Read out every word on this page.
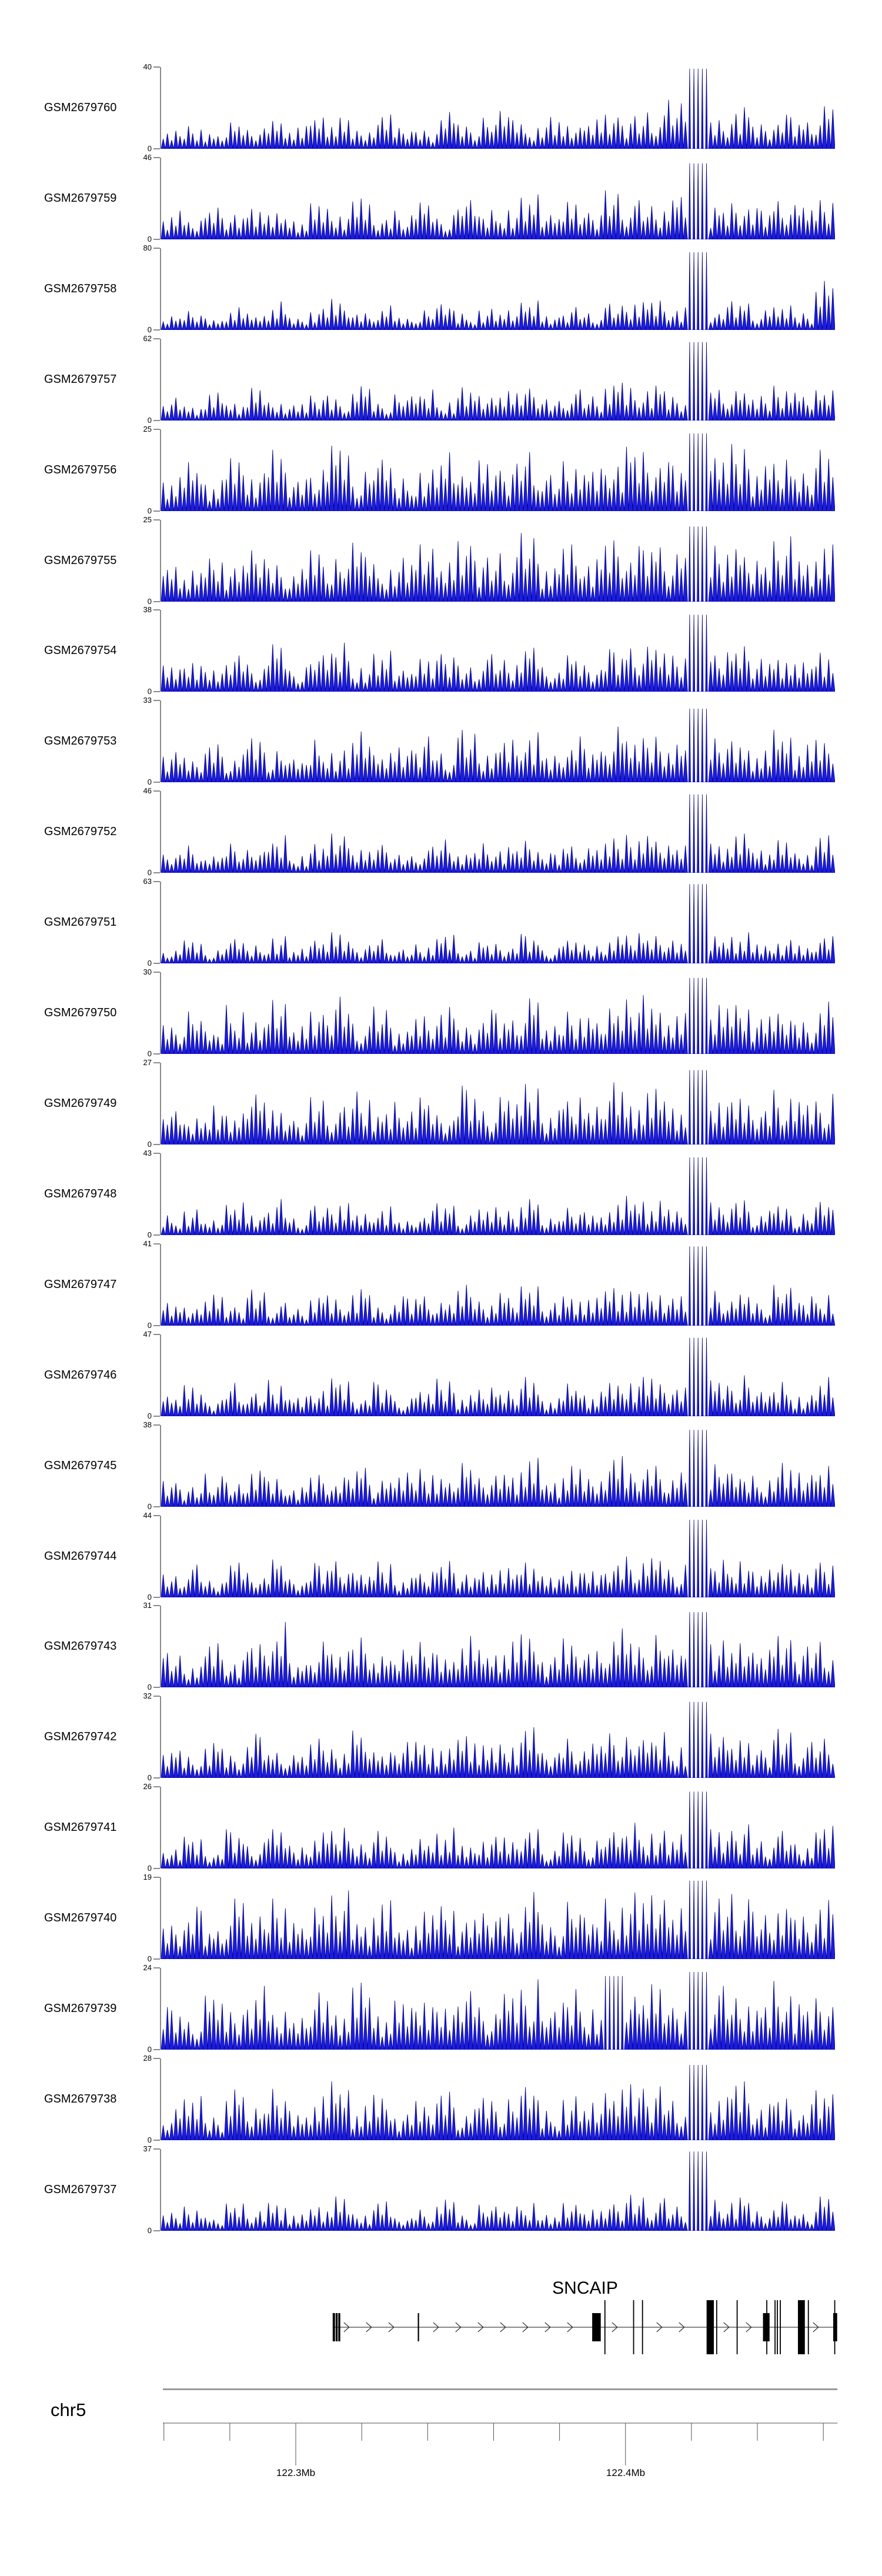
GSM2679760
40
0
GSM2679759
46
0
GSM2679758
80
0
GSM2679757
62
0
GSM2679756
25
0
GSM2679755
25
0
GSM2679754
38
0
GSM2679753
33
0
GSM2679752
46
0
GSM2679751
63
0
GSM2679750
30
0
GSM2679749
27
0
GSM2679748
43
0
GSM2679747
41
0
GSM2679746
47
0
GSM2679745
38
0
GSM2679744
44
0
GSM2679743
31
0
GSM2679742
32
0
GSM2679741
26
0
GSM2679740
19
0
GSM2679739
24
0
GSM2679738
28
0
GSM2679737
37
0
SNCAIP
chr5
122.3Mb	122.4Mb
